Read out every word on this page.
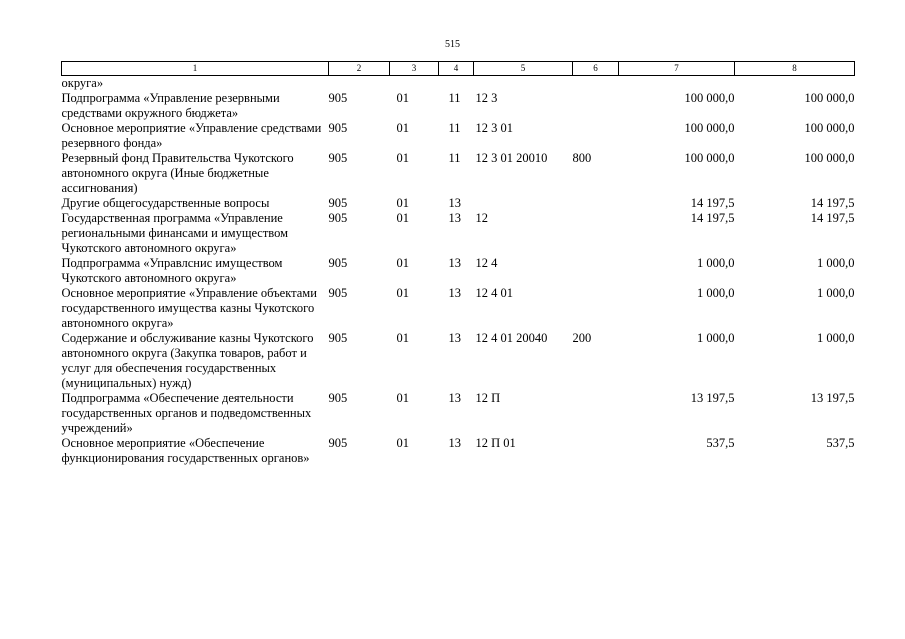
515
1	2	3	4	5	6	7	8
округа»							
Подпрограмма «Управление резервными средствами окружного бюджета»	905	01	11	12 3		100 000,0	100 000,0
Основное мероприятие «Управление средствами резервного фонда»	905	01	11	12 3 01		100 000,0	100 000,0
Резервный фонд Правительства Чукотского автономного округа (Иные бюджетные ассигнования)	905	01	11	12 3 01 20010	800	100 000,0	100 000,0
Другие общегосударственные вопросы	905	01	13			14 197,5	14 197,5
Государственная программа «Управление региональными финансами и имуществом Чукотского автономного округа»	905	01	13	12		14 197,5	14 197,5
Подпрограмма «Управлснис имуществом Чукотского автономного округа»	905	01	13	12 4		1 000,0	1 000,0
Основное мероприятие «Управление объектами государственного имущества казны Чукотского автономного округа»	905	01	13	12 4 01		1 000,0	1 000,0
Содержание и обслуживание казны Чукотского автономного округа (Закупка товаров, работ и услуг для обеспечения государственных (муниципальных) нужд)	905	01	13	12 4 01 20040	200	1 000,0	1 000,0
Подпрограмма «Обеспечение деятельности государственных органов и подведомственных учреждений»	905	01	13	12 П		13 197,5	13 197,5
Основное мероприятие «Обеспечение функционирования государственных органов»	905	01	13	12 П 01		537,5	537,5
